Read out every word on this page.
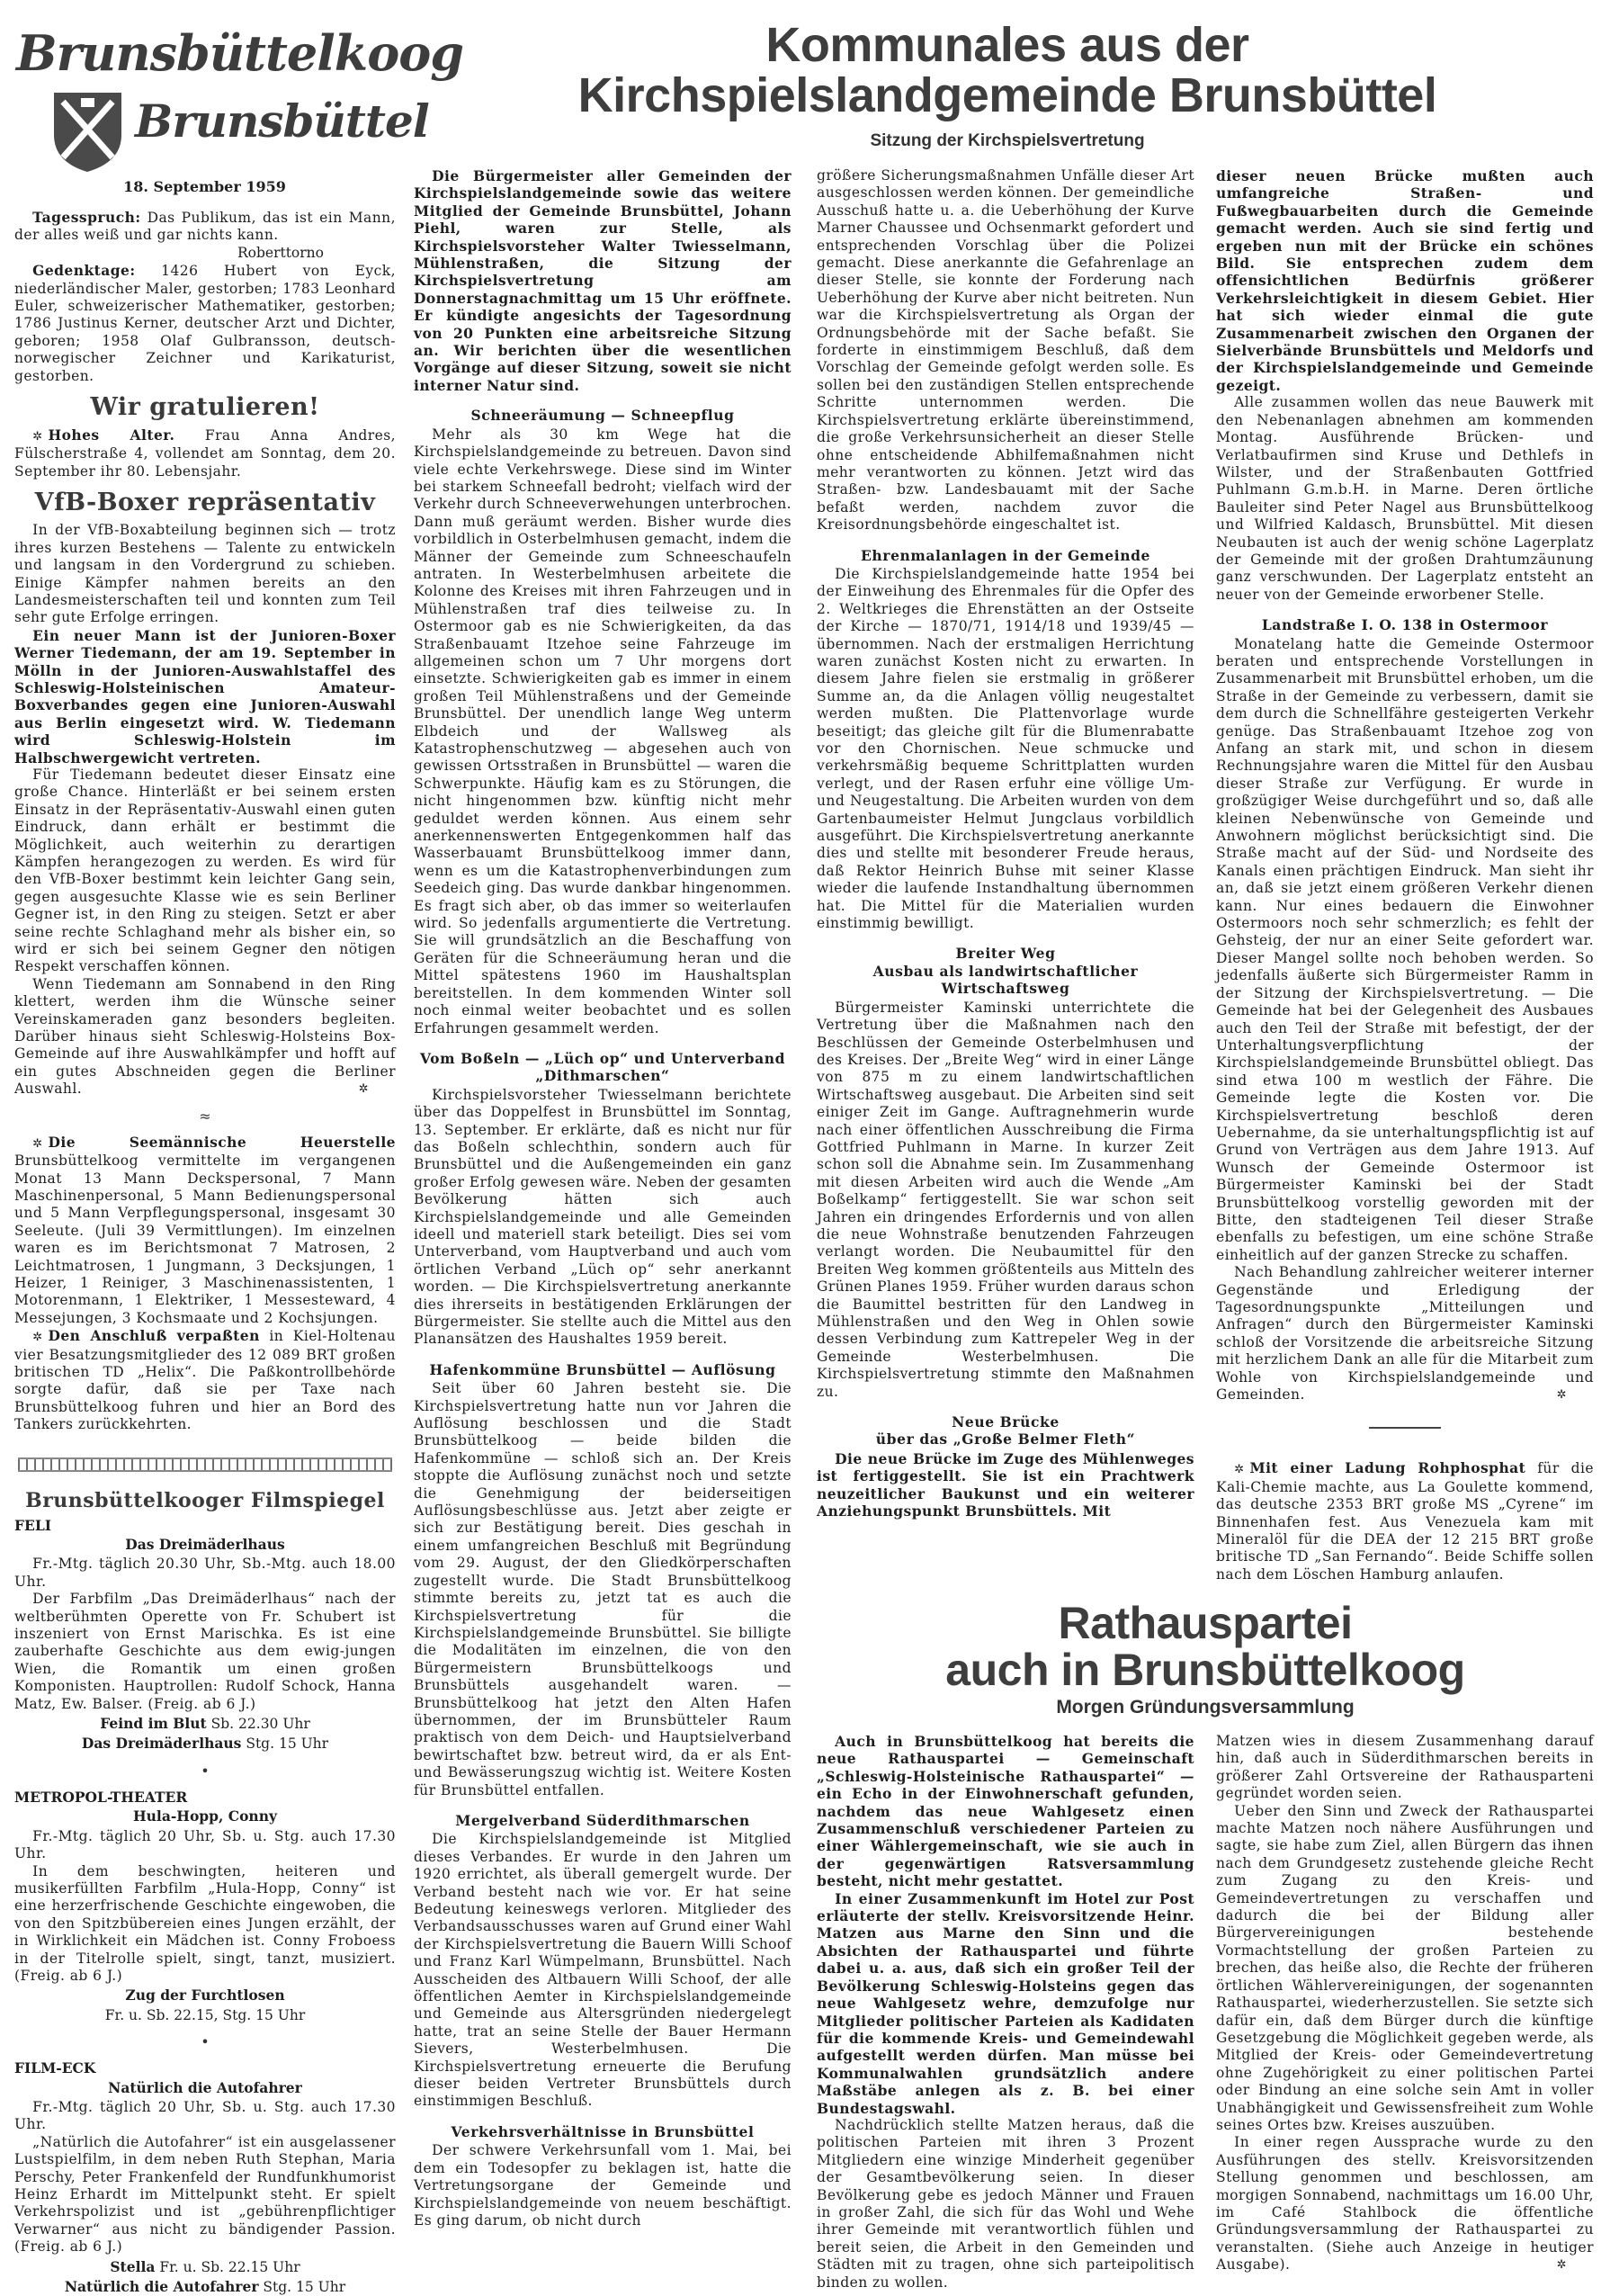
Brunsbüttelkoog
Brunsbüttel
18. September 1959
Kommunales aus der
Kirchspielslandgemeinde Brunsbüttel
Sitzung der Kirchspielsvertretung

Tagesspruch: Das Publikum, das ist ein Mann, der alles weiß und gar nichts kann.

Roberttorno

Gedenktage: 1426 Hubert von Eyck, niederländischer Maler, gestorben; 1783 Leonhard Euler, schweizerischer Mathematiker, gestorben; 1786 Justinus Kerner, deutscher Arzt und Dichter, geboren; 1958 Olaf Gulbransson, deutsch-norwegischer Zeichner und Karikaturist, gestorben.

Wir gratulieren!

✲ Hohes Alter. Frau Anna Andres, Fülscherstraße 4, vollendet am Sonntag, dem 20. September ihr 80. Lebensjahr.

VfB-Boxer repräsentativ

In der VfB-Boxabteilung beginnen sich — trotz ihres kurzen Bestehens — Talente zu entwickeln und langsam in den Vordergrund zu schieben. Einige Kämpfer nahmen bereits an den Landesmeisterschaften teil und konnten zum Teil sehr gute Erfolge erringen.

Ein neuer Mann ist der Junioren-Boxer Werner Tiedemann, der am 19. September in Mölln in der Junioren-Auswahlstaffel des Schleswig-Holsteinischen Amateur-Boxverbandes gegen eine Junioren-Auswahl aus Berlin eingesetzt wird. W. Tiedemann wird Schleswig-Holstein im Halbschwergewicht vertreten.

Für Tiedemann bedeutet dieser Einsatz eine große Chance. Hinterläßt er bei seinem ersten Einsatz in der Repräsentativ-Auswahl einen guten Eindruck, dann erhält er bestimmt die Möglichkeit, auch weiterhin zu derartigen Kämpfen herangezogen zu werden. Es wird für den VfB-Boxer bestimmt kein leichter Gang sein, gegen ausgesuchte Klasse wie es sein Berliner Gegner ist, in den Ring zu steigen. Setzt er aber seine rechte Schlaghand mehr als bisher ein, so wird er sich bei seinem Gegner den nötigen Respekt verschaffen können.

Wenn Tiedemann am Sonnabend in den Ring klettert, werden ihm die Wünsche seiner Vereinskameraden ganz besonders begleiten. Darüber hinaus sieht Schleswig-Holsteins Box-Gemeinde auf ihre Auswahlkämpfer und hofft auf ein gutes Abschneiden gegen die Berliner Auswahl.	✲

≈

✲ Die Seemännische Heuerstelle Brunsbüttelkoog vermittelte im vergangenen Monat 13 Mann Deckspersonal, 7 Mann Maschinenpersonal, 5 Mann Bedienungspersonal und 5 Mann Verpflegungspersonal, insgesamt 30 Seeleute. (Juli 39 Vermittlungen). Im einzelnen waren es im Berichtsmonat 7 Matrosen, 2 Leichtmatrosen, 1 Jungmann, 3 Decksjungen, 1 Heizer, 1 Reiniger, 3 Maschinenassistenten, 1 Motorenmann, 1 Elektriker, 1 Messesteward, 4 Messejungen, 3 Kochsmaate und 2 Kochsjungen.

✲ Den Anschluß verpaßten in Kiel-Holtenau vier Besatzungsmitglieder des 12 089 BRT großen britischen TD „Helix“. Die Paßkontrollbehörde sorgte dafür, daß sie per Taxe nach Brunsbüttelkoog fuhren und hier an Bord des Tankers zurückkehrten.

Brunsbüttelkooger Filmspiegel
FELI
Das Dreimäderlhaus

Fr.-Mtg. täglich 20.30 Uhr, Sb.-Mtg. auch 18.00 Uhr.

Der Farbfilm „Das Dreimäderlhaus“ nach der weltberühmten Operette von Fr. Schubert ist inszeniert von Ernst Marischka. Es ist eine zauberhafte Geschichte aus dem ewig-jungen Wien, die Romantik um einen großen Komponisten. Hauptrollen: Rudolf Schock, Hanna Matz, Ew. Balser. (Freig. ab 6 J.)

Feind im Blut Sb. 22.30 Uhr
Das Dreimäderlhaus Stg. 15 Uhr
•
METROPOL-THEATER
Hula-Hopp, Conny

Fr.-Mtg. täglich 20 Uhr, Sb. u. Stg. auch 17.30 Uhr.

In dem beschwingten, heiteren und musikerfüllten Farbfilm „Hula-Hopp, Conny“ ist eine herzerfrischende Geschichte eingewoben, die von den Spitzbübereien eines Jungen erzählt, der in Wirklichkeit ein Mädchen ist. Conny Froboess in der Titelrolle spielt, singt, tanzt, musiziert. (Freig. ab 6 J.)

Zug der Furchtlosen
Fr. u. Sb. 22.15, Stg. 15 Uhr
•
FILM-ECK
Natürlich die Autofahrer

Fr.-Mtg. täglich 20 Uhr, Sb. u. Stg. auch 17.30 Uhr.

„Natürlich die Autofahrer“ ist ein ausgelassener Lustspielfilm, in dem neben Ruth Stephan, Maria Perschy, Peter Frankenfeld der Rundfunkhumorist Heinz Erhardt im Mittelpunkt steht. Er spielt Verkehrspolizist und ist „gebührenpflichtiger Verwarner“ aus nicht zu bändigender Passion. (Freig. ab 6 J.)

Stella Fr. u. Sb. 22.15 Uhr
Natürlich die Autofahrer Stg. 15 Uhr

Die Bürgermeister aller Gemeinden der Kirchspielslandgemeinde sowie das weitere Mitglied der Gemeinde Brunsbüttel, Johann Piehl, waren zur Stelle, als Kirchspielsvorsteher Walter Twiesselmann, Mühlenstraßen, die Sitzung der Kirchspielsvertretung am Donnerstagnachmittag um 15 Uhr eröffnete. Er kündigte angesichts der Tagesordnung von 20 Punkten eine arbeitsreiche Sitzung an. Wir berichten über die wesentlichen Vorgänge auf dieser Sitzung, soweit sie nicht interner Natur sind.

Schneeräumung — Schneepflug

Mehr als 30 km Wege hat die Kirchspielslandgemeinde zu betreuen. Davon sind viele echte Verkehrswege. Diese sind im Winter bei starkem Schneefall bedroht; vielfach wird der Verkehr durch Schneeverwehungen unterbrochen. Dann muß geräumt werden. Bisher wurde dies vorbildlich in Osterbelmhusen gemacht, indem die Männer der Gemeinde zum Schneeschaufeln antraten. In Westerbelmhusen arbeitete die Kolonne des Kreises mit ihren Fahrzeugen und in Mühlenstraßen traf dies teilweise zu. In Ostermoor gab es nie Schwierigkeiten, da das Straßenbauamt Itzehoe seine Fahrzeuge im allgemeinen schon um 7 Uhr morgens dort einsetzte. Schwierigkeiten gab es immer in einem großen Teil Mühlenstraßens und der Gemeinde Brunsbüttel. Der unendlich lange Weg unterm Elbdeich und der Wallsweg als Katastrophenschutzweg — abgesehen auch von gewissen Ortsstraßen in Brunsbüttel — waren die Schwerpunkte. Häufig kam es zu Störungen, die nicht hingenommen bzw. künftig nicht mehr geduldet werden können. Aus einem sehr anerkennenswerten Entgegenkommen half das Wasserbauamt Brunsbüttelkoog immer dann, wenn es um die Katastrophenverbindungen zum Seedeich ging. Das wurde dankbar hingenommen. Es fragt sich aber, ob das immer so weiterlaufen wird. So jedenfalls argumentierte die Vertretung. Sie will grundsätzlich an die Beschaffung von Geräten für die Schneeräumung heran und die Mittel spätestens 1960 im Haushaltsplan bereitstellen. In dem kommenden Winter soll noch einmal weiter beobachtet und es sollen Erfahrungen gesammelt werden.

Vom Boßeln — „Lüch op“ und Unterverband
„Dithmarschen“

Kirchspielsvorsteher Twiesselmann berichtete über das Doppelfest in Brunsbüttel im Sonntag, 13. September. Er erklärte, daß es nicht nur für das Boßeln schlechthin, sondern auch für Brunsbüttel und die Außengemeinden ein ganz großer Erfolg gewesen wäre. Neben der gesamten Bevölkerung hätten sich auch Kirchspielslandgemeinde und alle Gemeinden ideell und materiell stark beteiligt. Dies sei vom Unterverband, vom Hauptverband und auch vom örtlichen Verband „Lüch op“ sehr anerkannt worden. — Die Kirchspielsvertretung anerkannte dies ihrerseits in bestätigenden Erklärungen der Bürgermeister. Sie stellte auch die Mittel aus den Planansätzen des Haushaltes 1959 bereit.

Hafenkommüne Brunsbüttel — Auflösung

Seit über 60 Jahren besteht sie. Die Kirchspielsvertretung hatte nun vor Jahren die Auflösung beschlossen und die Stadt Brunsbüttelkoog — beide bilden die Hafenkommüne — schloß sich an. Der Kreis stoppte die Auflösung zunächst noch und setzte die Genehmigung der beiderseitigen Auflösungsbeschlüsse aus. Jetzt aber zeigte er sich zur Bestätigung bereit. Dies geschah in einem umfangreichen Beschluß mit Begründung vom 29. August, der den Gliedkörperschaften zugestellt wurde. Die Stadt Brunsbüttelkoog stimmte bereits zu, jetzt tat es auch die Kirchspielsvertretung für die Kirchspielslandgemeinde Brunsbüttel. Sie billigte die Modalitäten im einzelnen, die von den Bürgermeistern Brunsbüttelkoogs und Brunsbüttels ausgehandelt waren. — Brunsbüttelkoog hat jetzt den Alten Hafen übernommen, der im Brunsbütteler Raum praktisch von dem Deich- und Hauptsielverband bewirtschaftet bzw. betreut wird, da er als Ent- und Bewässerungszug wichtig ist. Weitere Kosten für Brunsbüttel entfallen.

Mergelverband Süderdithmarschen

Die Kirchspielslandgemeinde ist Mitglied dieses Verbandes. Er wurde in den Jahren um 1920 errichtet, als überall gemergelt wurde. Der Verband besteht nach wie vor. Er hat seine Bedeutung keineswegs verloren. Mitglieder des Verbandsausschusses waren auf Grund einer Wahl der Kirchspielsvertretung die Bauern Willi Schoof und Franz Karl Wümpelmann, Brunsbüttel. Nach Ausscheiden des Altbauern Willi Schoof, der alle öffentlichen Aemter in Kirchspielslandgemeinde und Gemeinde aus Altersgründen niedergelegt hatte, trat an seine Stelle der Bauer Hermann Sievers, Westerbelmhusen. Die Kirchspielsvertretung erneuerte die Berufung dieser beiden Vertreter Brunsbüttels durch einstimmigen Beschluß.

Verkehrsverhältnisse in Brunsbüttel

Der schwere Verkehrsunfall vom 1. Mai, bei dem ein Todesopfer zu beklagen ist, hatte die Vertretungsorgane der Gemeinde und Kirchspielslandgemeinde von neuem beschäftigt. Es ging darum, ob nicht durch

größere Sicherungsmaßnahmen Unfälle dieser Art ausgeschlossen werden können. Der gemeindliche Ausschuß hatte u. a. die Ueberhöhung der Kurve Marner Chaussee und Ochsenmarkt gefordert und entsprechenden Vorschlag über die Polizei gemacht. Diese anerkannte die Gefahrenlage an dieser Stelle, sie konnte der Forderung nach Ueberhöhung der Kurve aber nicht beitreten. Nun war die Kirchspielsvertretung als Organ der Ordnungsbehörde mit der Sache befaßt. Sie forderte in einstimmigem Beschluß, daß dem Vorschlag der Gemeinde gefolgt werden solle. Es sollen bei den zuständigen Stellen entsprechende Schritte unternommen werden. Die Kirchspielsvertretung erklärte übereinstimmend, die große Verkehrsunsicherheit an dieser Stelle ohne entscheidende Abhilfemaßnahmen nicht mehr verantworten zu können. Jetzt wird das Straßen- bzw. Landesbauamt mit der Sache befaßt werden, nachdem zuvor die Kreisordnungsbehörde eingeschaltet ist.

Ehrenmalanlagen in der Gemeinde

Die Kirchspielslandgemeinde hatte 1954 bei der Einweihung des Ehrenmales für die Opfer des 2. Weltkrieges die Ehrenstätten an der Ostseite der Kirche — 1870/71, 1914/18 und 1939/45 — übernommen. Nach der erstmaligen Herrichtung waren zunächst Kosten nicht zu erwarten. In diesem Jahre fielen sie erstmalig in größerer Summe an, da die Anlagen völlig neugestaltet werden mußten. Die Plattenvorlage wurde beseitigt; das gleiche gilt für die Blumenrabatte vor den Chornischen. Neue schmucke und verkehrsmäßig bequeme Schrittplatten wurden verlegt, und der Rasen erfuhr eine völlige Um- und Neugestaltung. Die Arbeiten wurden von dem Gartenbaumeister Helmut Jungclaus vorbildlich ausgeführt. Die Kirchspielsvertretung anerkannte dies und stellte mit besonderer Freude heraus, daß Rektor Heinrich Buhse mit seiner Klasse wieder die laufende Instandhaltung übernommen hat. Die Mittel für die Materialien wurden einstimmig bewilligt.

Breiter Weg
Ausbau als landwirtschaftlicher Wirtschaftsweg

Bürgermeister Kaminski unterrichtete die Vertretung über die Maßnahmen nach den Beschlüssen der Gemeinde Osterbelmhusen und des Kreises. Der „Breite Weg“ wird in einer Länge von 875 m zu einem landwirtschaftlichen Wirtschaftsweg ausgebaut. Die Arbeiten sind seit einiger Zeit im Gange. Auftragnehmerin wurde nach einer öffentlichen Ausschreibung die Firma Gottfried Puhlmann in Marne. In kurzer Zeit schon soll die Abnahme sein. Im Zusammenhang mit diesen Arbeiten wird auch die Wende „Am Boßelkamp“ fertiggestellt. Sie war schon seit Jahren ein dringendes Erfordernis und von allen die neue Wohnstraße benutzenden Fahrzeugen verlangt worden. Die Neubaumittel für den Breiten Weg kommen größtenteils aus Mitteln des Grünen Planes 1959. Früher wurden daraus schon die Baumittel bestritten für den Landweg in Mühlenstraßen und den Weg in Ohlen sowie dessen Verbindung zum Kattrepeler Weg in der Gemeinde Westerbelmhusen. Die Kirchspielsvertretung stimmte den Maßnahmen zu.

Neue Brücke
über das „Große Belmer Fleth“

Die neue Brücke im Zuge des Mühlenweges ist fertiggestellt. Sie ist ein Prachtwerk neuzeitlicher Baukunst und ein weiterer Anziehungspunkt Brunsbüttels. Mit

dieser neuen Brücke mußten auch umfangreiche Straßen- und Fußwegbauarbeiten durch die Gemeinde gemacht werden. Auch sie sind fertig und ergeben nun mit der Brücke ein schönes Bild. Sie entsprechen zudem dem offensichtlichen Bedürfnis größerer Verkehrsleichtigkeit in diesem Gebiet. Hier hat sich wieder einmal die gute Zusammenarbeit zwischen den Organen der Sielverbände Brunsbüttels und Meldorfs und der Kirchspielslandgemeinde und Gemeinde gezeigt.

Alle zusammen wollen das neue Bauwerk mit den Nebenanlagen abnehmen am kommenden Montag. Ausführende Brücken- und Verlatbaufirmen sind Kruse und Dethlefs in Wilster, und der Straßenbauten Gottfried Puhlmann G.m.b.H. in Marne. Deren örtliche Bauleiter sind Peter Nagel aus Brunsbüttelkoog und Wilfried Kaldasch, Brunsbüttel. Mit diesen Neubauten ist auch der wenig schöne Lagerplatz der Gemeinde mit der großen Drahtumzäunung ganz verschwunden. Der Lagerplatz entsteht an neuer von der Gemeinde erworbener Stelle.

Landstraße I. O. 138 in Ostermoor

Monatelang hatte die Gemeinde Ostermoor beraten und entsprechende Vorstellungen in Zusammenarbeit mit Brunsbüttel erhoben, um die Straße in der Gemeinde zu verbessern, damit sie dem durch die Schnellfähre gesteigerten Verkehr genüge. Das Straßenbauamt Itzehoe zog von Anfang an stark mit, und schon in diesem Rechnungsjahre waren die Mittel für den Ausbau dieser Straße zur Verfügung. Er wurde in großzügiger Weise durchgeführt und so, daß alle kleinen Nebenwünsche von Gemeinde und Anwohnern möglichst berücksichtigt sind. Die Straße macht auf der Süd- und Nordseite des Kanals einen prächtigen Eindruck. Man sieht ihr an, daß sie jetzt einem größeren Verkehr dienen kann. Nur eines bedauern die Einwohner Ostermoors noch sehr schmerzlich; es fehlt der Gehsteig, der nur an einer Seite gefordert war. Dieser Mangel sollte noch behoben werden. So jedenfalls äußerte sich Bürgermeister Ramm in der Sitzung der Kirchspielsvertretung. — Die Gemeinde hat bei der Gelegenheit des Ausbaues auch den Teil der Straße mit befestigt, der der Unterhaltungsverpflichtung der Kirchspielslandgemeinde Brunsbüttel obliegt. Das sind etwa 100 m westlich der Fähre. Die Gemeinde legte die Kosten vor. Die Kirchspielsvertretung beschloß deren Uebernahme, da sie unterhaltungspflichtig ist auf Grund von Verträgen aus dem Jahre 1913. Auf Wunsch der Gemeinde Ostermoor ist Bürgermeister Kaminski bei der Stadt Brunsbüttelkoog vorstellig geworden mit der Bitte, den stadteigenen Teil dieser Straße ebenfalls zu befestigen, um eine schöne Straße einheitlich auf der ganzen Strecke zu schaffen.

Nach Behandlung zahlreicher weiterer interner Gegenstände und Erledigung der Tagesordnungspunkte „Mitteilungen und Anfragen“ durch den Bürgermeister Kaminski schloß der Vorsitzende die arbeitsreiche Sitzung mit herzlichem Dank an alle für die Mitarbeit zum Wohle von Kirchspielslandgemeinde und Gemeinden.	✲

✲ Mit einer Ladung Rohphosphat für die Kali-Chemie machte, aus La Goulette kommend, das deutsche 2353 BRT große MS „Cyrene“ im Binnenhafen fest. Aus Venezuela kam mit Mineralöl für die DEA der 12 215 BRT große britische TD „San Fernando“. Beide Schiffe sollen nach dem Löschen Hamburg anlaufen.

Rathauspartei
auch in Brunsbüttelkoog
Morgen Gründungsversammlung

Auch in Brunsbüttelkoog hat bereits die neue Rathauspartei — Gemeinschaft „Schleswig-Holsteinische Rathauspartei“ — ein Echo in der Einwohnerschaft gefunden, nachdem das neue Wahlgesetz einen Zusammenschluß verschiedener Parteien zu einer Wählergemeinschaft, wie sie auch in der gegenwärtigen Ratsversammlung besteht, nicht mehr gestattet.

In einer Zusammenkunft im Hotel zur Post erläuterte der stellv. Kreisvorsitzende Heinr. Matzen aus Marne den Sinn und die Absichten der Rathauspartei und führte dabei u. a. aus, daß sich ein großer Teil der Bevölkerung Schleswig-Holsteins gegen das neue Wahlgesetz wehre, demzufolge nur Mitglieder politischer Parteien als Kadidaten für die kommende Kreis- und Gemeindewahl aufgestellt werden dürfen. Man müsse bei Kommunalwahlen grundsätzlich andere Maßstäbe anlegen als z. B. bei einer Bundestagswahl.

Nachdrücklich stellte Matzen heraus, daß die politischen Parteien mit ihren 3 Prozent Mitgliedern eine winzige Minderheit gegenüber der Gesamtbevölkerung seien. In dieser Bevölkerung gebe es jedoch Männer und Frauen in großer Zahl, die sich für das Wohl und Wehe ihrer Gemeinde mit verantwortlich fühlen und bereit seien, die Arbeit in den Gemeinden und Städten mit zu tragen, ohne sich parteipolitisch binden zu wollen.

Matzen wies in diesem Zusammenhang darauf hin, daß auch in Süderdithmarschen bereits in größerer Zahl Ortsvereine der Rathausparteni gegründet worden seien.

Ueber den Sinn und Zweck der Rathauspartei machte Matzen noch nähere Ausführungen und sagte, sie habe zum Ziel, allen Bürgern das ihnen nach dem Grundgesetz zustehende gleiche Recht zum Zugang zu den Kreis- und Gemeindevertretungen zu verschaffen und dadurch die bei der Bildung aller Bürgervereinigungen bestehende Vormachtstellung der großen Parteien zu brechen, das heiße also, die Rechte der früheren örtlichen Wählervereinigungen, der sogenannten Rathauspartei, wiederherzustellen. Sie setzte sich dafür ein, daß dem Bürger durch die künftige Gesetzgebung die Möglichkeit gegeben werde, als Mitglied der Kreis- oder Gemeindevertretung ohne Zugehörigkeit zu einer politischen Partei oder Bindung an eine solche sein Amt in voller Unabhängigkeit und Gewissensfreiheit zum Wohle seines Ortes bzw. Kreises auszuüben.

In einer regen Aussprache wurde zu den Ausführungen des stellv. Kreisvorsitzenden Stellung genommen und beschlossen, am morgigen Sonnabend, nachmittags um 16.00 Uhr, im Café Stahlbock die öffentliche Gründungsversammlung der Rathauspartei zu veranstalten. (Siehe auch Anzeige in heutiger Ausgabe).	✲
